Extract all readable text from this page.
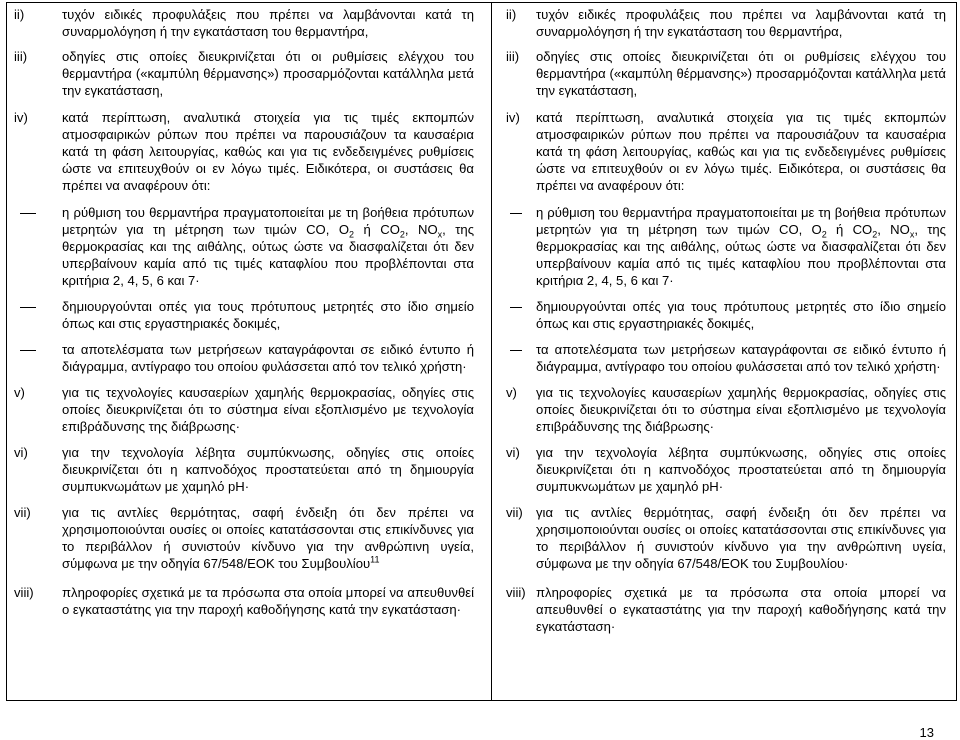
ii)	τυχόν ειδικές προφυλάξεις που πρέπει να λαμβάνονται κατά τη συναρμολόγηση ή την εγκατάσταση του θερμαντήρα,
iii)	οδηγίες στις οποίες διευκρινίζεται ότι οι ρυθμίσεις ελέγχου του θερμαντήρα («καμπύλη θέρμανσης») προσαρμόζονται κατάλληλα μετά την εγκατάσταση,
iv)	κατά περίπτωση, αναλυτικά στοιχεία για τις τιμές εκπομπών ατμοσφαιρικών ρύπων που πρέπει να παρουσιάζουν τα καυσαέρια κατά τη φάση λειτουργίας, καθώς και για τις ενδεδειγμένες ρυθμίσεις ώστε να επιτευχθούν οι εν λόγω τιμές. Ειδικότερα, οι συστάσεις θα πρέπει να αναφέρουν ότι:
η ρύθμιση του θερμαντήρα πραγματοποιείται με τη βοήθεια πρότυπων μετρητών για τη μέτρηση των τιμών CO, $O_2$ ή $CO_2$, $NO_x$, της θερμοκρασίας και της αιθάλης, ούτως ώστε να διασφαλίζεται ότι δεν υπερβαίνουν καμία από τις τιμές καταφλίου που προβλέπονται στα κριτήρια 2, 4, 5, 6 και 7·
δημιουργούνται οπές για τους πρότυπους μετρητές στο ίδιο σημείο όπως και στις εργαστηριακές δοκιμές,
τα αποτελέσματα των μετρήσεων καταγράφονται σε ειδικό έντυπο ή διάγραμμα, αντίγραφο του οποίου φυλάσσεται από τον τελικό χρήστη·
v)	για τις τεχνολογίες καυσαερίων χαμηλής θερμοκρασίας, οδηγίες στις οποίες διευκρινίζεται ότι το σύστημα είναι εξοπλισμένο με τεχνολογία επιβράδυνσης της διάβρωσης·
vi)	για την τεχνολογία λέβητα συμπύκνωσης, οδηγίες στις οποίες διευκρινίζεται ότι η καπνοδόχος προστατεύεται από τη δημιουργία συμπυκνωμάτων με χαμηλό pH·
vii)	για τις αντλίες θερμότητας, σαφή ένδειξη ότι δεν πρέπει να χρησιμοποιούνται ουσίες οι οποίες κατατάσσονται στις επικίνδυνες για το περιβάλλον ή συνιστούν κίνδυνο για την ανθρώπινη υγεία, σύμφωνα με την οδηγία 67/548/ΕΟΚ του Συμβουλίου$^{11}$
viii)	πληροφορίες σχετικά με τα πρόσωπα στα οποία μπορεί να απευθυνθεί ο εγκαταστάτης για την παροχή καθοδήγησης κατά την εγκατάσταση·
ii)	τυχόν ειδικές προφυλάξεις που πρέπει να λαμβάνονται κατά τη συναρμολόγηση ή την εγκατάσταση του θερμαντήρα,
iii)	οδηγίες στις οποίες διευκρινίζεται ότι οι ρυθμίσεις ελέγχου του θερμαντήρα («καμπύλη θέρμανσης») προσαρμόζονται κατάλληλα μετά την εγκατάσταση,
iv)	κατά περίπτωση, αναλυτικά στοιχεία για τις τιμές εκπομπών ατμοσφαιρικών ρύπων που πρέπει να παρουσιάζουν τα καυσαέρια κατά τη φάση λειτουργίας, καθώς και για τις ενδεδειγμένες ρυθμίσεις ώστε να επιτευχθούν οι εν λόγω τιμές. Ειδικότερα, οι συστάσεις θα πρέπει να αναφέρουν ότι:
η ρύθμιση του θερμαντήρα πραγματοποιείται με τη βοήθεια πρότυπων μετρητών για τη μέτρηση των τιμών CO, $O_2$ ή $CO_2$, $NO_x$, της θερμοκρασίας και της αιθάλης, ούτως ώστε να διασφαλίζεται ότι δεν υπερβαίνουν καμία από τις τιμές καταφλίου που προβλέπονται στα κριτήρια 2, 4, 5, 6 και 7·
δημιουργούνται οπές για τους πρότυπους μετρητές στο ίδιο σημείο όπως και στις εργαστηριακές δοκιμές,
τα αποτελέσματα των μετρήσεων καταγράφονται σε ειδικό έντυπο ή διάγραμμα, αντίγραφο του οποίου φυλάσσεται από τον τελικό χρήστη·
v)	για τις τεχνολογίες καυσαερίων χαμηλής θερμοκρασίας, οδηγίες στις οποίες διευκρινίζεται ότι το σύστημα είναι εξοπλισμένο με τεχνολογία επιβράδυνσης της διάβρωσης·
vi)	για την τεχνολογία λέβητα συμπύκνωσης, οδηγίες στις οποίες διευκρινίζεται ότι η καπνοδόχος προστατεύεται από τη δημιουργία συμπυκνωμάτων με χαμηλό pH·
vii)	για τις αντλίες θερμότητας, σαφή ένδειξη ότι δεν πρέπει να χρησιμοποιούνται ουσίες οι οποίες κατατάσσονται στις επικίνδυνες για το περιβάλλον ή συνιστούν κίνδυνο για την ανθρώπινη υγεία, σύμφωνα με την οδηγία 67/548/ΕΟΚ του Συμβουλίου·
viii) πληροφορίες σχετικά με τα πρόσωπα στα οποία μπορεί να απευθυνθεί ο εγκαταστάτης για την παροχή καθοδήγησης κατά την εγκατάσταση·
13
